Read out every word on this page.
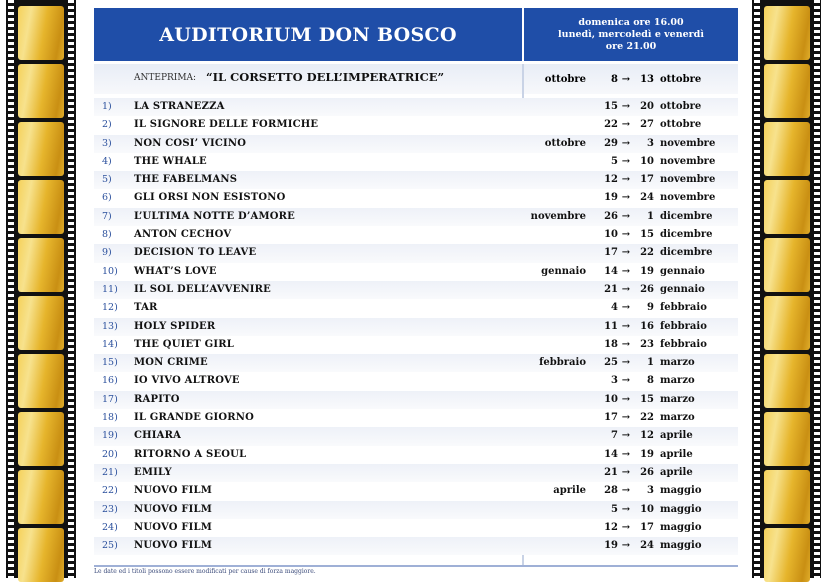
AUDITORIUM DON BOSCO
domenica ore 16.00
lunedì, mercoledì e venerdì
ore 21.00
ANTEPRIMA: “IL CORSETTO DELL’IMPERATRICE”	ottobre	8 → 13 ottobre
1)	LA STRANEZZA	15 → 20 ottobre
2)	IL SIGNORE DELLE FORMICHE	22 → 27 ottobre
3)	NON COSI’ VICINO	ottobre	29 →	3 novembre
4)	THE WHALE	5 → 10 novembre
5)	THE FABELMANS	12 → 17 novembre
6)	GLI ORSI NON ESISTONO	19 → 24 novembre
7)	L’ULTIMA NOTTE D’AMORE	novembre	26 →	1 dicembre
8)	ANTON CECHOV	10 → 15 dicembre
9)	DECISION TO LEAVE	17 → 22 dicembre
10)	WHAT’S LOVE	gennaio	14 → 19 gennaio
11)	IL SOL DELL’AVVENIRE	21 → 26 gennaio
12)	TAR	4 →	9 febbraio
13)	HOLY SPIDER	11 → 16 febbraio
14)	THE QUIET GIRL	18 → 23 febbraio
15)	MON CRIME	febbraio	25 →	1 marzo
16)	IO VIVO ALTROVE	3 →	8 marzo
17)	RAPITO	10 → 15 marzo
18)	IL GRANDE GIORNO	17 → 22 marzo
19)	CHIARA	7 → 12 aprile
20)	RITORNO A SEOUL	14 → 19 aprile
21)	EMILY	21 → 26 aprile
22)	NUOVO FILM	aprile	28 →	3 maggio
23)	NUOVO FILM	5 → 10 maggio
24)	NUOVO FILM	12 → 17 maggio
25)	NUOVO FILM	19 → 24 maggio
Le date ed i titoli possono essere modificati per cause di forza maggiore.
